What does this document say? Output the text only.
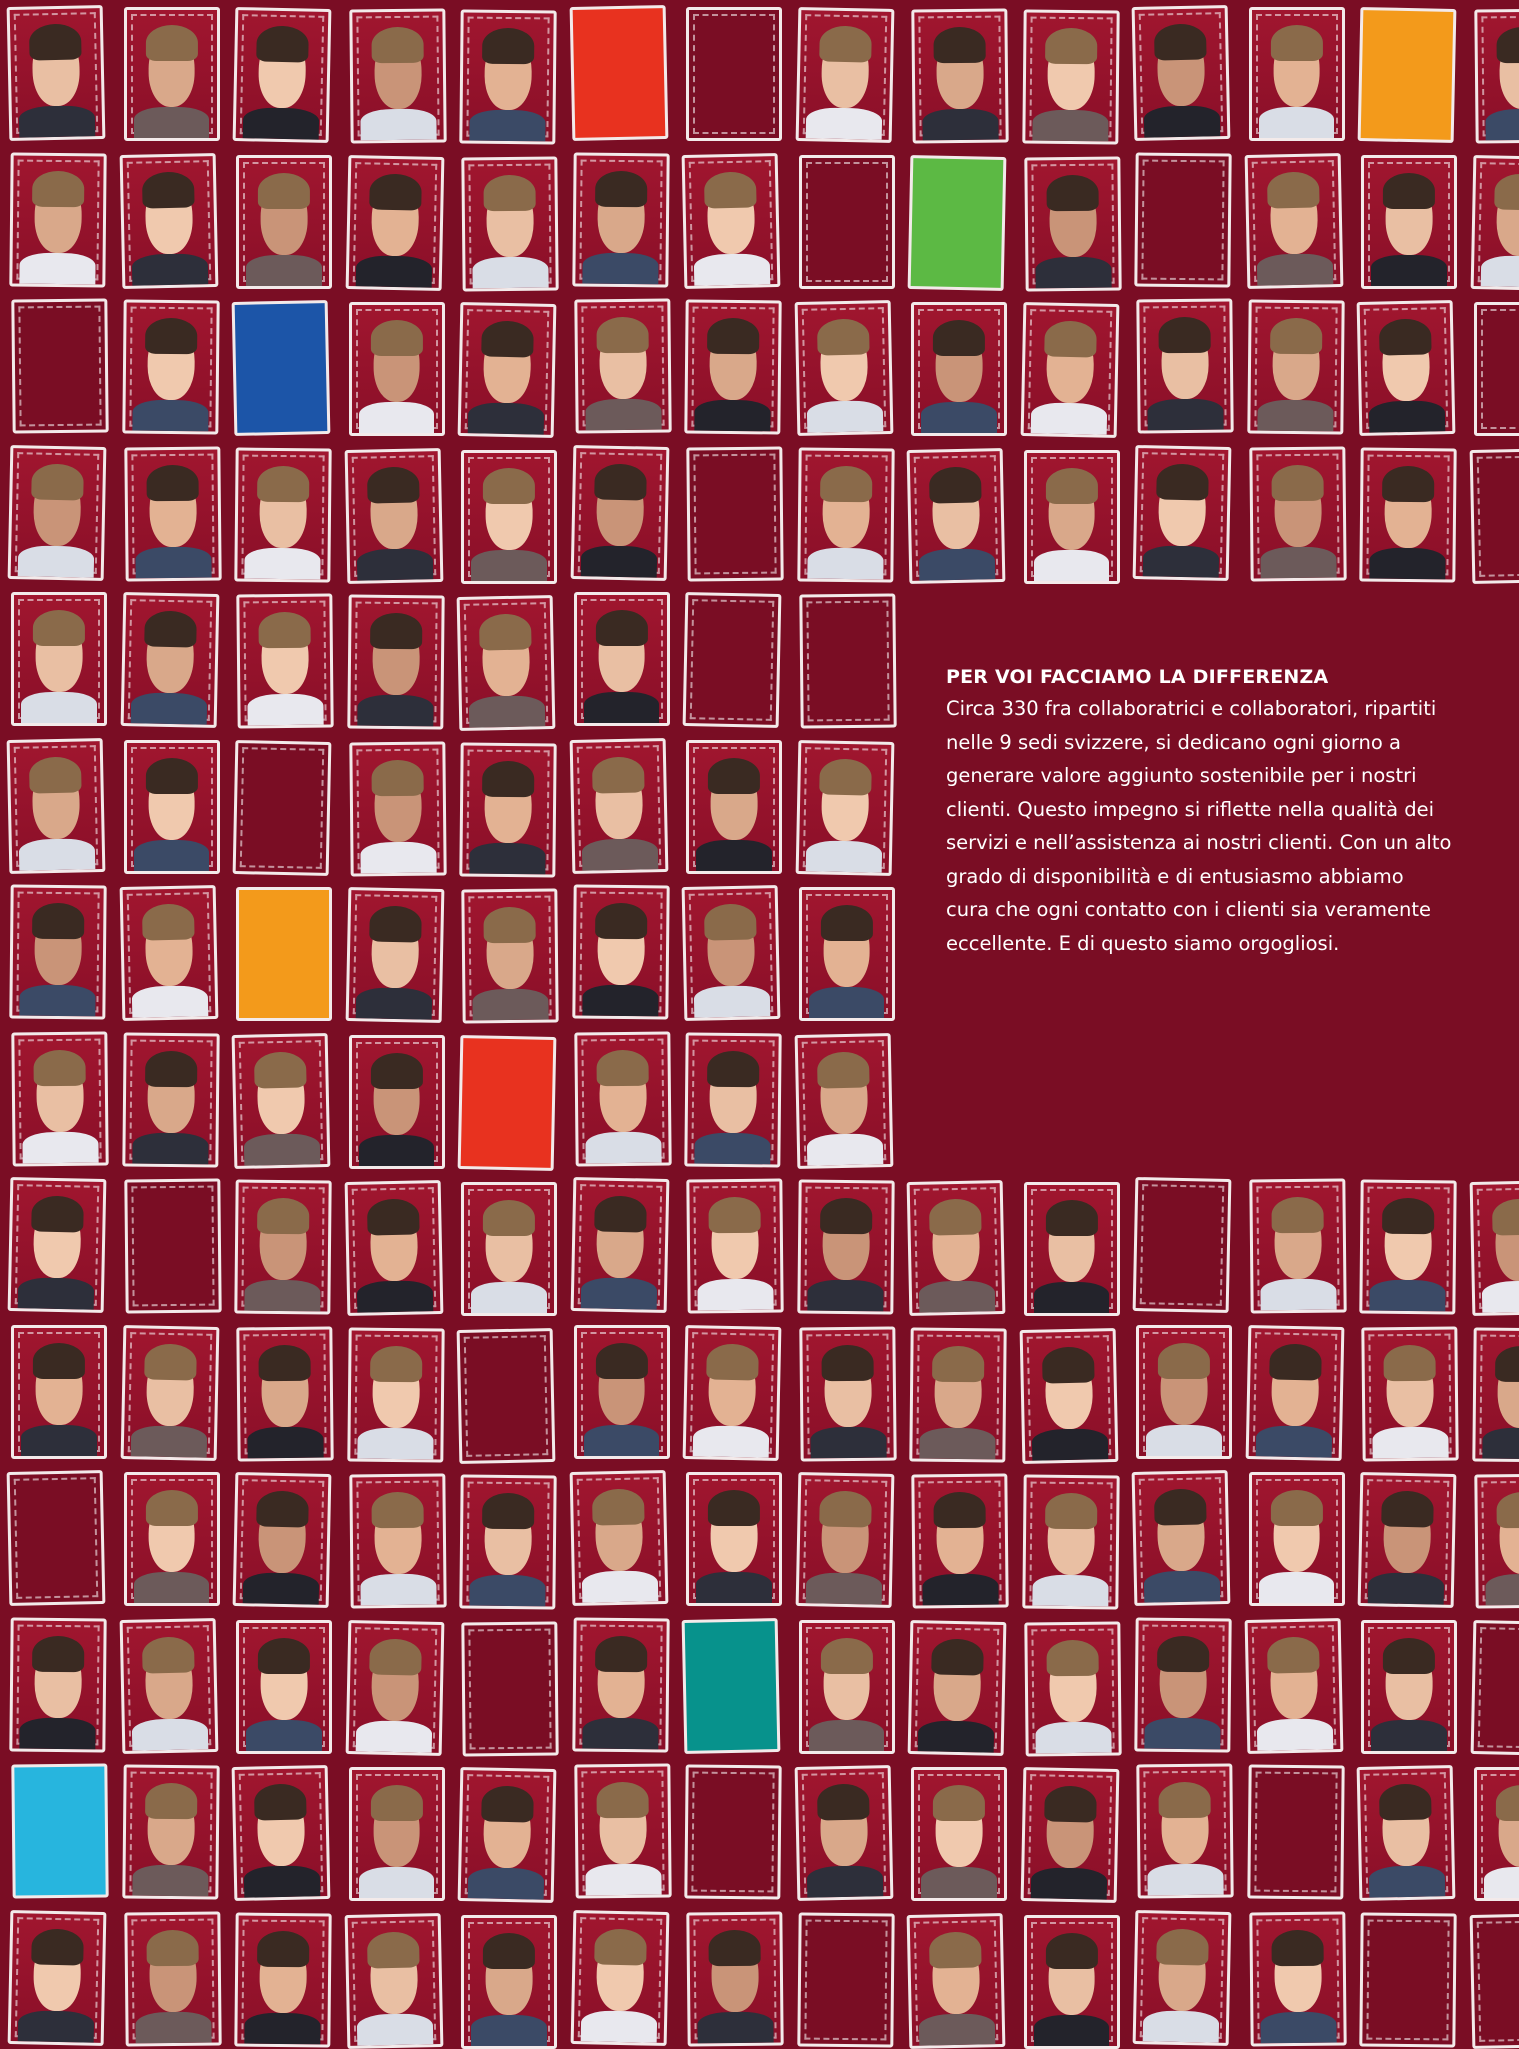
PER VOI FACCIAMO LA DIFFERENZA

Circa 330 fra collaboratrici e collaboratori, ripartiti
nelle 9 sedi svizzere, si dedicano ogni giorno a
generare valore aggiunto sostenibile per i nostri
clienti. Questo impegno si riflette nella qualità dei
servizi e nell’assistenza ai nostri clienti. Con un alto
grado di disponibilità e di entusiasmo abbiamo
cura che ogni contatto con i clienti sia veramente
eccellente. E di questo siamo orgogliosi.
